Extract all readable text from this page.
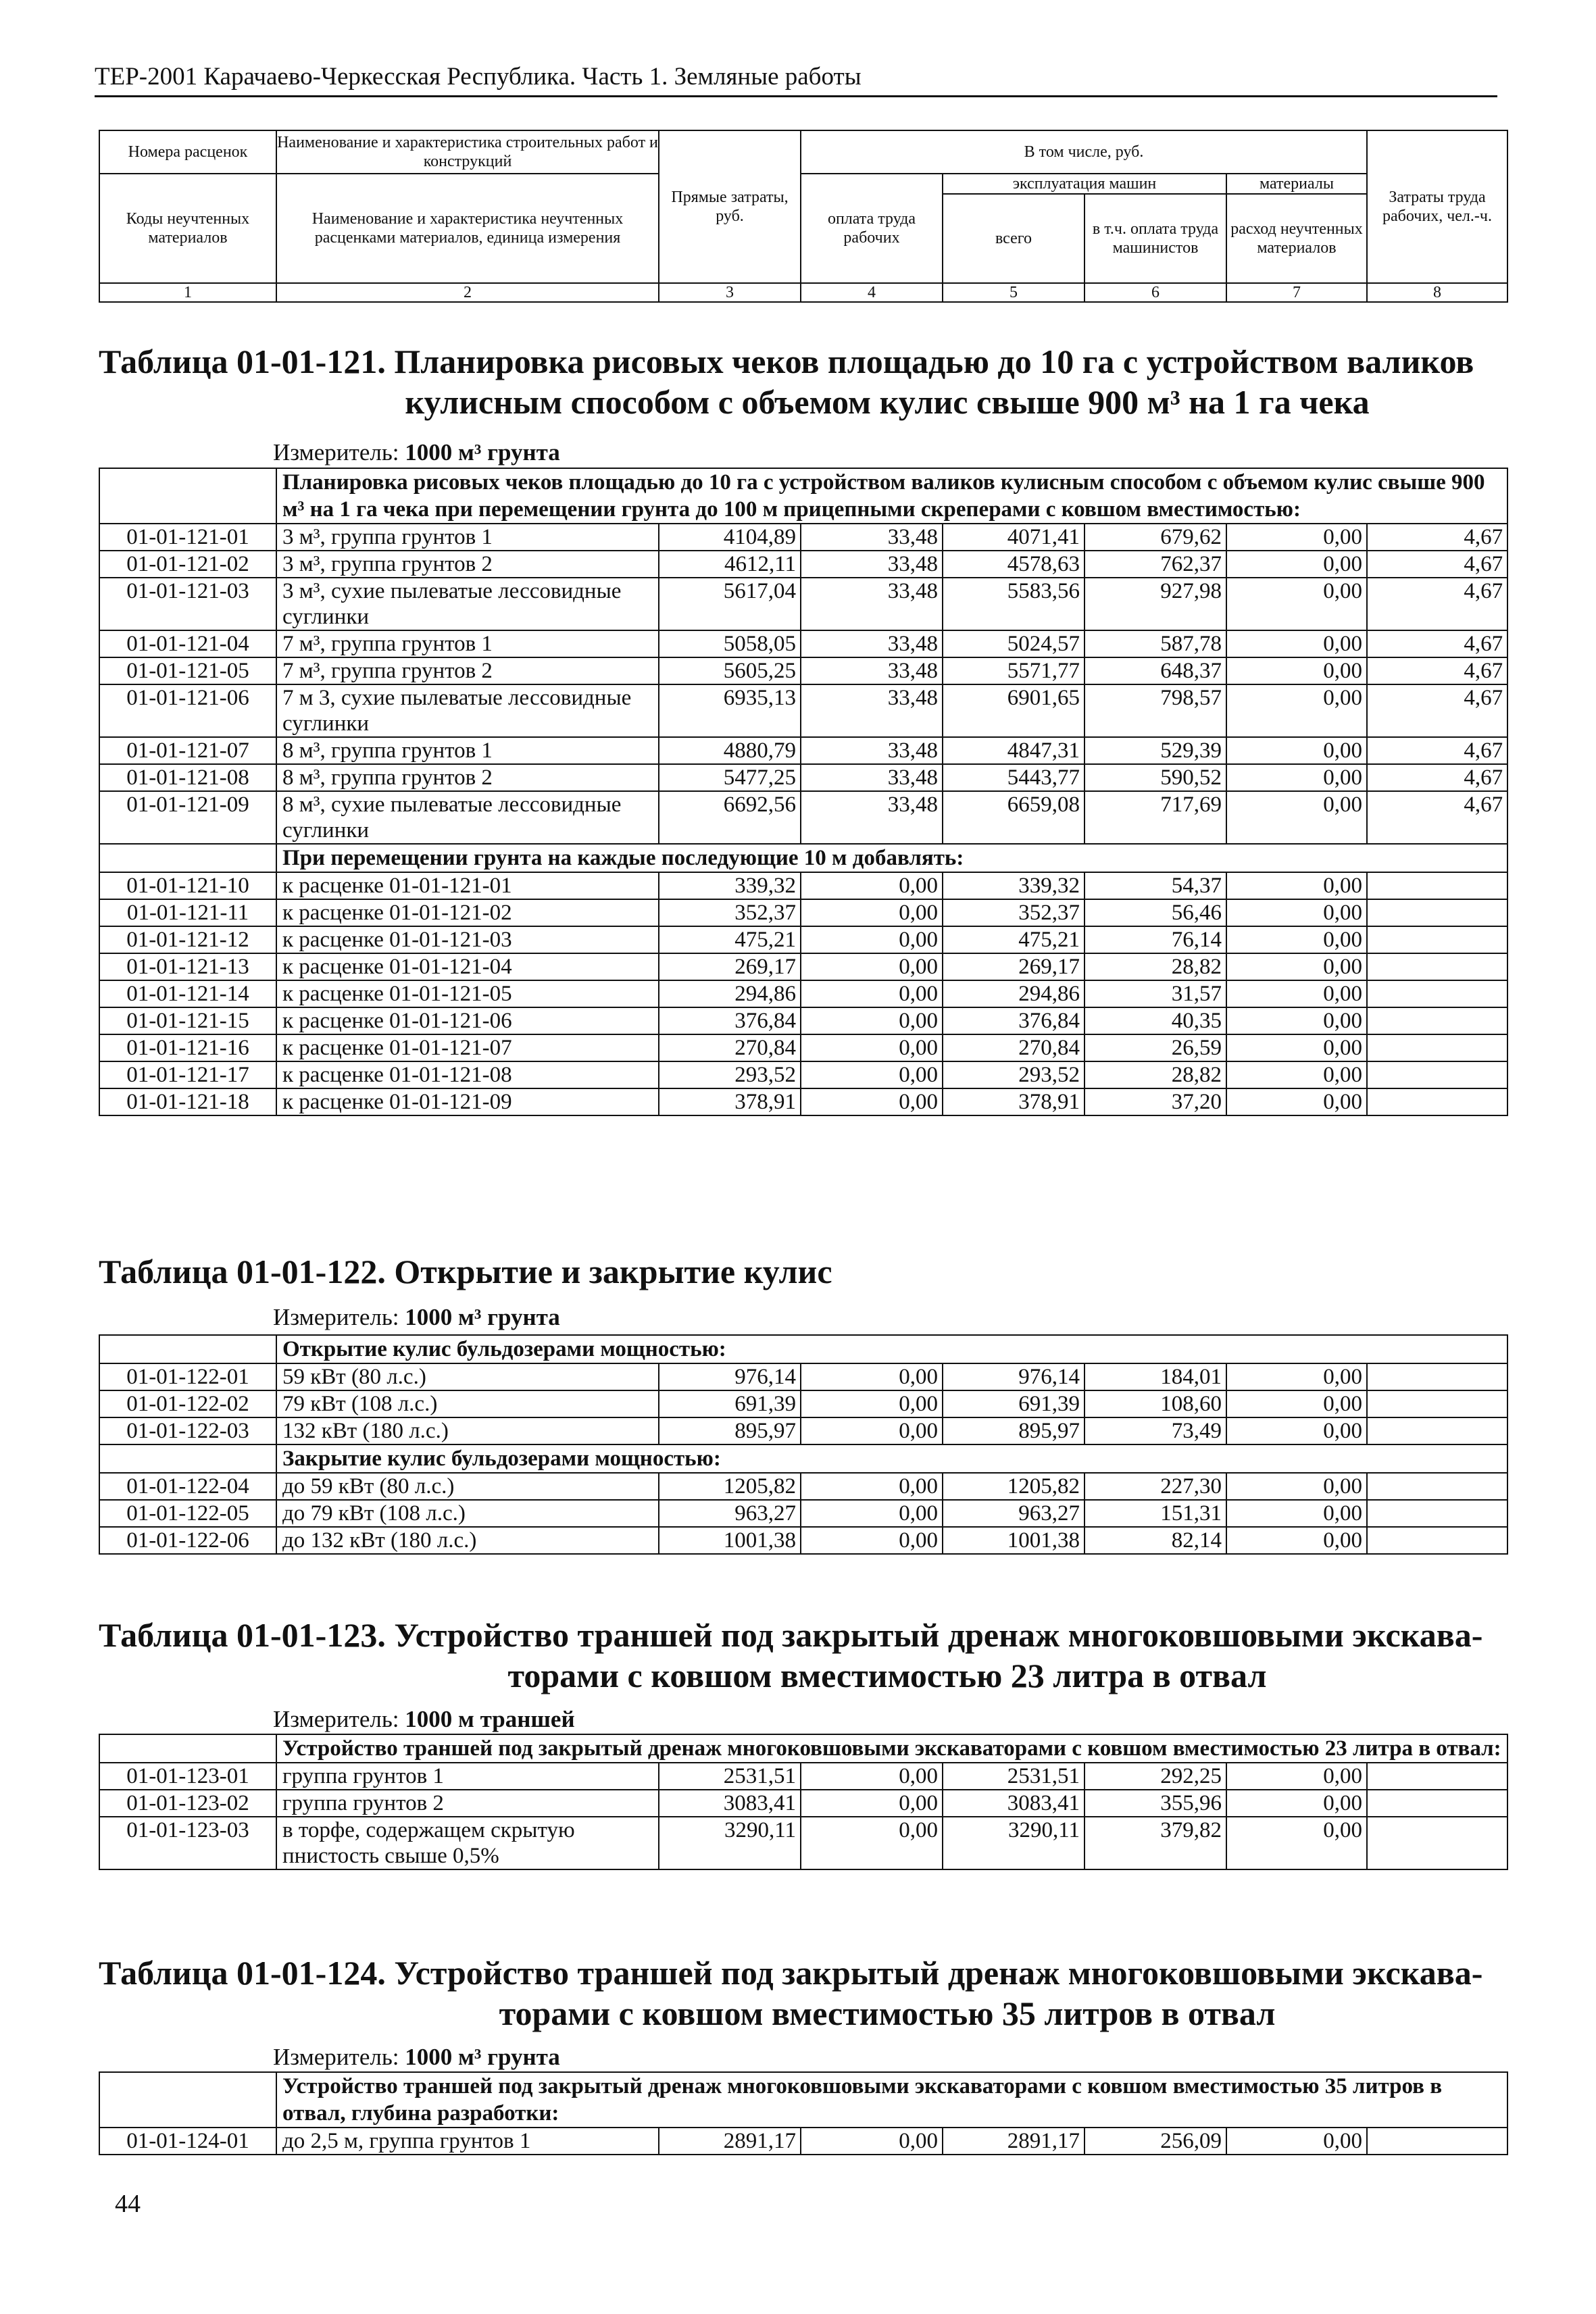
ТЕР-2001 Карачаево-Черкесская Республика. Часть 1. Земляные работы
Номера расценок	Наименование и характеристика строительных работ и конструкций	Прямые затраты, руб.	В том числе, руб.				Затраты труда рабочих, чел.-ч.
Коды неучтенных материалов	Наименование и характеристика неучтенных расценками материалов, единица измерения		оплата труда рабочих	эксплуатация машин		материалы	
				всего	в т.ч. оплата труда машинистов	расход неучтенных материалов	
1	2	3	4	5	6	7	8
Таблица 01-01-121. Планировка рисовых чеков площадью до 10 га с устройством валиков
кулисным способом с объемом кулис свыше 900 м³ на 1 га чека
Измеритель: 1000 м³ грунта
	Планировка рисовых чеков площадью до 10 га с устройством валиков кулисным способом с объемом кулис свыше 900 м³ на 1 га чека при перемещении грунта до 100 м прицепными скреперами с ковшом вместимостью:						
01-01-121-01	3 м³, группа грунтов 1	4104,89	33,48	4071,41	679,62	0,00	4,67
01-01-121-02	3 м³, группа грунтов 2	4612,11	33,48	4578,63	762,37	0,00	4,67
01-01-121-03	3 м³, сухие пылеватые лессовидные суглинки	5617,04	33,48	5583,56	927,98	0,00	4,67
01-01-121-04	7 м³, группа грунтов 1	5058,05	33,48	5024,57	587,78	0,00	4,67
01-01-121-05	7 м³, группа грунтов 2	5605,25	33,48	5571,77	648,37	0,00	4,67
01-01-121-06	7 м 3, сухие пылеватые лессовидные суглинки	6935,13	33,48	6901,65	798,57	0,00	4,67
01-01-121-07	8 м³, группа грунтов 1	4880,79	33,48	4847,31	529,39	0,00	4,67
01-01-121-08	8 м³, группа грунтов 2	5477,25	33,48	5443,77	590,52	0,00	4,67
01-01-121-09	8 м³, сухие пылеватые лессовидные суглинки	6692,56	33,48	6659,08	717,69	0,00	4,67
	При перемещении грунта на каждые последующие 10 м добавлять:						
01-01-121-10	к расценке 01-01-121-01	339,32	0,00	339,32	54,37	0,00	
01-01-121-11	к расценке 01-01-121-02	352,37	0,00	352,37	56,46	0,00	
01-01-121-12	к расценке 01-01-121-03	475,21	0,00	475,21	76,14	0,00	
01-01-121-13	к расценке 01-01-121-04	269,17	0,00	269,17	28,82	0,00	
01-01-121-14	к расценке 01-01-121-05	294,86	0,00	294,86	31,57	0,00	
01-01-121-15	к расценке 01-01-121-06	376,84	0,00	376,84	40,35	0,00	
01-01-121-16	к расценке 01-01-121-07	270,84	0,00	270,84	26,59	0,00	
01-01-121-17	к расценке 01-01-121-08	293,52	0,00	293,52	28,82	0,00	
01-01-121-18	к расценке 01-01-121-09	378,91	0,00	378,91	37,20	0,00	
Таблица 01-01-122. Открытие и закрытие кулис
Измеритель: 1000 м³ грунта
	Открытие кулис бульдозерами мощностью:						
01-01-122-01	59 кВт (80 л.с.)	976,14	0,00	976,14	184,01	0,00	
01-01-122-02	79 кВт (108 л.с.)	691,39	0,00	691,39	108,60	0,00	
01-01-122-03	132 кВт (180 л.с.)	895,97	0,00	895,97	73,49	0,00	
	Закрытие кулис бульдозерами мощностью:						
01-01-122-04	до 59 кВт (80 л.с.)	1205,82	0,00	1205,82	227,30	0,00	
01-01-122-05	до 79 кВт (108 л.с.)	963,27	0,00	963,27	151,31	0,00	
01-01-122-06	до 132 кВт (180 л.с.)	1001,38	0,00	1001,38	82,14	0,00	
Таблица 01-01-123. Устройство траншей под закрытый дренаж многоковшовыми экскава-
торами с ковшом вместимостью 23 литра в отвал
Измеритель: 1000 м траншей
	Устройство траншей под закрытый дренаж многоковшовыми экскаваторами с ковшом вместимостью 23 литра в отвал:						
01-01-123-01	группа грунтов 1	2531,51	0,00	2531,51	292,25	0,00	
01-01-123-02	группа грунтов 2	3083,41	0,00	3083,41	355,96	0,00	
01-01-123-03	в торфе, содержащем скрытую пнистость свыше 0,5%	3290,11	0,00	3290,11	379,82	0,00	
Таблица 01-01-124. Устройство траншей под закрытый дренаж многоковшовыми экскава-
торами с ковшом вместимостью 35 литров в отвал
Измеритель: 1000 м³ грунта
	Устройство траншей под закрытый дренаж многоковшовыми экскаваторами с ковшом вместимостью 35 литров в отвал, глубина разработки:						
01-01-124-01	до 2,5 м, группа грунтов 1	2891,17	0,00	2891,17	256,09	0,00	
44
